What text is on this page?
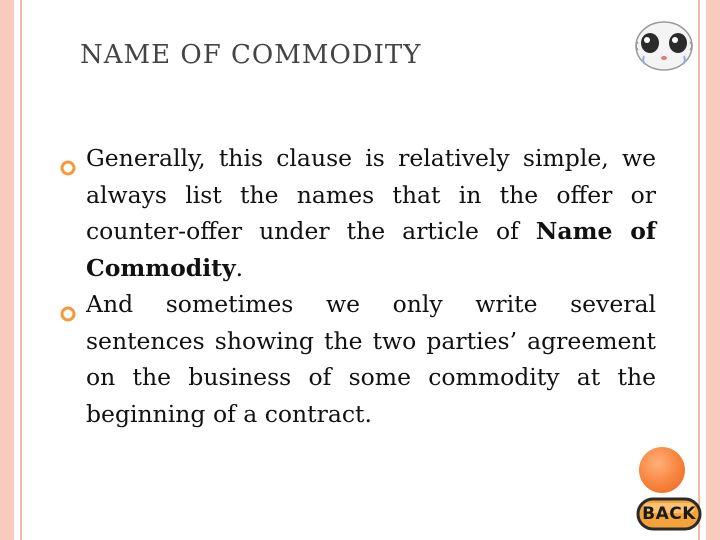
NAME OF COMMODITY

Generally, this clause is relatively simple, we always list the names that in the offer or counter-offer under the article of Name of Commodity.

And sometimes we only write several sentences showing the two parties’ agreement on the business of some commodity at the beginning of a contract.

BACK
